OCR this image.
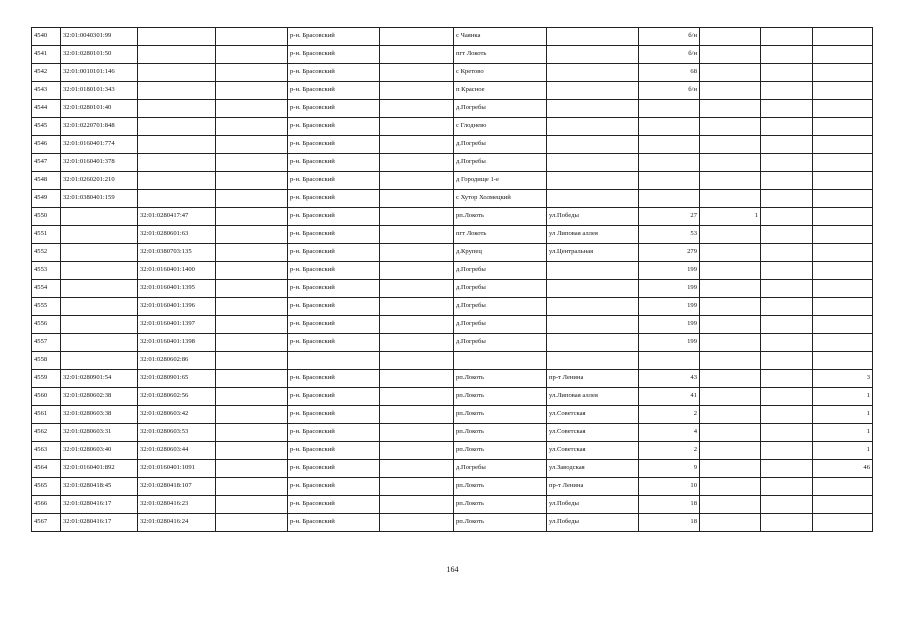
4540	32:01:0040301:99			р-н. Брасовский		с Чаянка		б/н			
4541	32:01:0280101:50			р-н. Брасовский		пгт Локоть		б/н			
4542	32:01:0010101:146			р-н. Брасовский		с Кретово		68			
4543	32:01:0180101:343			р-н. Брасовский		п Красное		б/н			
4544	32:01:0280101:40			р-н. Брасовский		д.Погребы					
4545	32:01:0220701:848			р-н. Брасовский		с Глоднево					
4546	32:01:0160401:774			р-н. Брасовский		д.Погребы					
4547	32:01:0160401:378			р-н. Брасовский		д.Погребы					
4548	32:01:0260201:210			р-н. Брасовский		д Городище 1-е					
4549	32:01:0380401:159			р-н. Брасовский		с Хутор Холмецкий					
4550		32:01:0280417:47		р-н. Брасовский		рп.Локоть	ул.Победы	27	1		
4551		32:01:0280601:63		р-н. Брасовский		пгт Локоть	ул Липовая аллея	53			
4552		32:01:0380703:135		р-н. Брасовский		д.Крупец	ул.Центральная	279			
4553		32:01:0160401:1400		р-н. Брасовский		д.Погребы		199			
4554		32:01:0160401:1395		р-н. Брасовский		д.Погребы		199			
4555		32:01:0160401:1396		р-н. Брасовский		д.Погребы		199			
4556		32:01:0160401:1397		р-н. Брасовский		д.Погребы		199			
4557		32:01:0160401:1398		р-н. Брасовский		д.Погребы		199			
4558		32:01:0280602:86									
4559	32:01:0280901:54	32:01:0280901:65		р-н. Брасовский		рп.Локоть	пр-т Ленина	43			3
4560	32:01:0280602:38	32:01:0280602:56		р-н. Брасовский		рп.Локоть	ул.Липовая аллея	41			1
4561	32:01:0280603:38	32:01:0280603:42		р-н. Брасовский		рп.Локоть	ул.Советская	2			1
4562	32:01:0280603:31	32:01:0280603:53		р-н. Брасовский		рп.Локоть	ул.Советская	4			1
4563	32:01:0280603:40	32:01:0280603:44		р-н. Брасовский		рп.Локоть	ул.Советская	2			1
4564	32:01:0160401:892	32:01:0160401:1091		р-н. Брасовский		д.Погребы	ул.Заводская	9			46
4565	32:01:0280418:45	32:01:0280418:107		р-н. Брасовский		рп.Локоть	пр-т Ленина	10			
4566	32:01:0280416:17	32:01:0280416:23		р-н. Брасовский		рп.Локоть	ул.Победы	18			
4567	32:01:0280416:17	32:01:0280416:24		р-н. Брасовский		рп.Локоть	ул.Победы	18			
164
